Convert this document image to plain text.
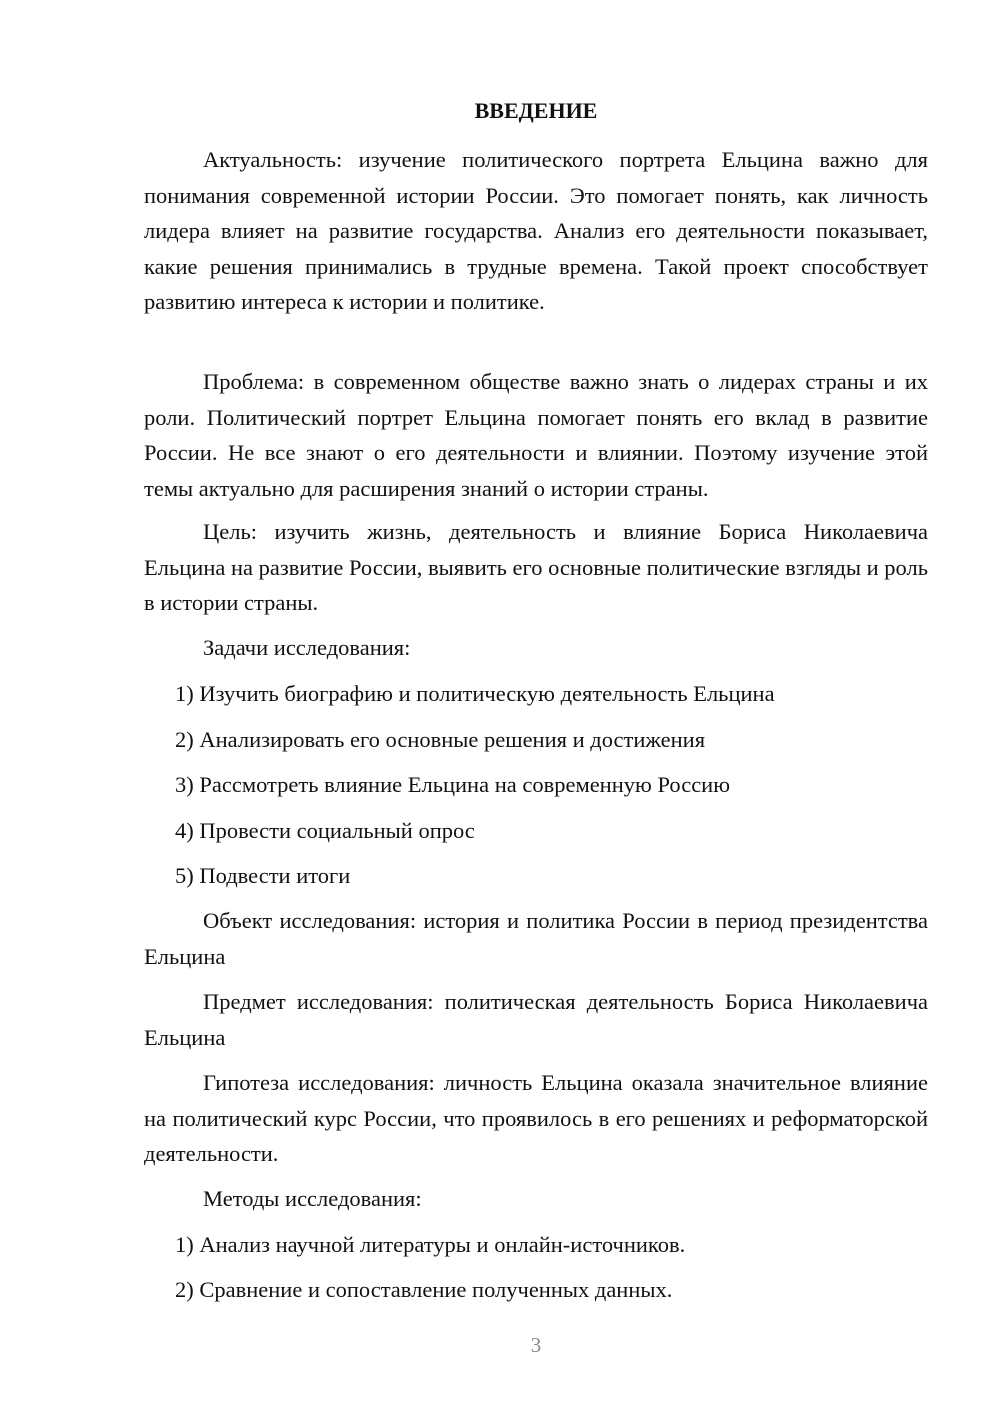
ВВЕДЕНИЕ

Актуальность: изучение политического портрета Ельцина важно для понимания современной истории России. Это помогает понять, как личность лидера влияет на развитие государства. Анализ его деятельности показывает, какие решения принимались в трудные времена. Такой проект способствует развитию интереса к истории и политике.

Проблема: в современном обществе важно знать о лидерах страны и их роли. Политический портрет Ельцина помогает понять его вклад в развитие России. Не все знают о его деятельности и влиянии. Поэтому изучение этой темы актуально для расширения знаний о истории страны.

Цель: изучить жизнь, деятельность и влияние Бориса Николаевича Ельцина на развитие России, выявить его основные политические взгляды и роль в истории страны.

Задачи исследования:

1) Изучить биографию и политическую деятельность Ельцина

2) Анализировать его основные решения и достижения

3) Рассмотреть влияние Ельцина на современную Россию

4) Провести социальный опрос

5) Подвести итоги

Объект исследования: история и политика России в период президентства Ельцина

Предмет исследования: политическая деятельность Бориса Николаевича Ельцина

Гипотеза исследования: личность Ельцина оказала значительное влияние на политический курс России, что проявилось в его решениях и реформаторской деятельности.

Методы исследования:

1) Анализ научной литературы и онлайн-источников.

2) Сравнение и сопоставление полученных данных.

3
